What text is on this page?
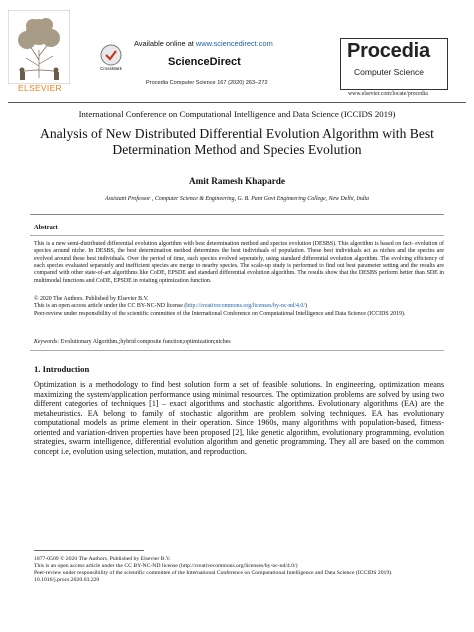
ELSEVIER
CrossMark
Available online at www.sciencedirect.com
ScienceDirect
Procedia Computer Science 167 (2020) 263–272
Procedia
Computer Science
www.elsevier.com/locate/procedia
International Conference on Computational Intelligence and Data Science (ICCIDS 2019)
Analysis of New Distributed Differential Evolution Algorithm with Best Determination Method and Species Evolution
Amit Ramesh Khaparde
Assistant Professor , Computer Science & Engineering, G. B. Pant Govt Engineering College, New Delhi, India
Abstract

This is a new semi-distributed differential evolution algorithm with best determination method and species evolution (DESBS). This algorithm is based on fact- evolution of species around niche. In DESBS, the best determination method determines the best individuals of population. These best individuals act as niches and the species are evolved around these best individuals. Over the period of time, each species evolved seperately, using standard differential evolution algorithm. The evolving efficiency of each species evaluated separately and inefficient species are merge to nearby species. The scale-up study is performed to find out best parameter setting and the results are compared with other state-of-art algorithms like CoDE, EPSDE and standard differential evolution algorithm. The results show that the DESBS perform better than SDE in multimodal functions and CoDE, EPSDE in rotating optimization function.

© 2020 The Authors. Published by Elsevier B.V.

This is an open access article under the CC BY-NC-ND license (http://creativecommons.org/licenses/by-nc-nd/4.0/)

Peer-review under responsibility of the scientific committee of the International Conference on Computational Intelligence and Data Science (ICCIDS 2019).

Keywords: Evolutionary Algorithm,;hybrid composite function;optimization;niches
1. Introduction

Optimization is a methodology to find best solution form a set of feasible solutions. In engineering, optimization means maximizing the system/application performance using minimal resources. The optimization problems are solved by using two different categories of techniques [1] – exact algorithms and stochastic algorithms. Evolutionary algorithms (EA) are the metaheuristics. EA belong to family of stochastic algorithm are problem solving techniques. EA has evolutionary computational models as prime element in their operation. Since 1960s, many algorithms with population-based, fitness-oriented and variation-driven properties have been proposed [2], like genetic algorithm, evolutionary programming, evolution strategies, swarm intelligence, differential evolution algorithm and genetic programming. They all are based on the common concept i.e, evolution using selection, mutation, and reproduction.

1877-0509 © 2020 The Authors. Published by Elsevier B.V.

This is an open access article under the CC BY-NC-ND license (http://creativecommons.org/licenses/by-nc-nd/4.0/)

Peer-review under responsibility of the scientific committee of the International Conference on Computational Intelligence and Data Science (ICCIDS 2019).

10.1016/j.procs.2020.03.220
